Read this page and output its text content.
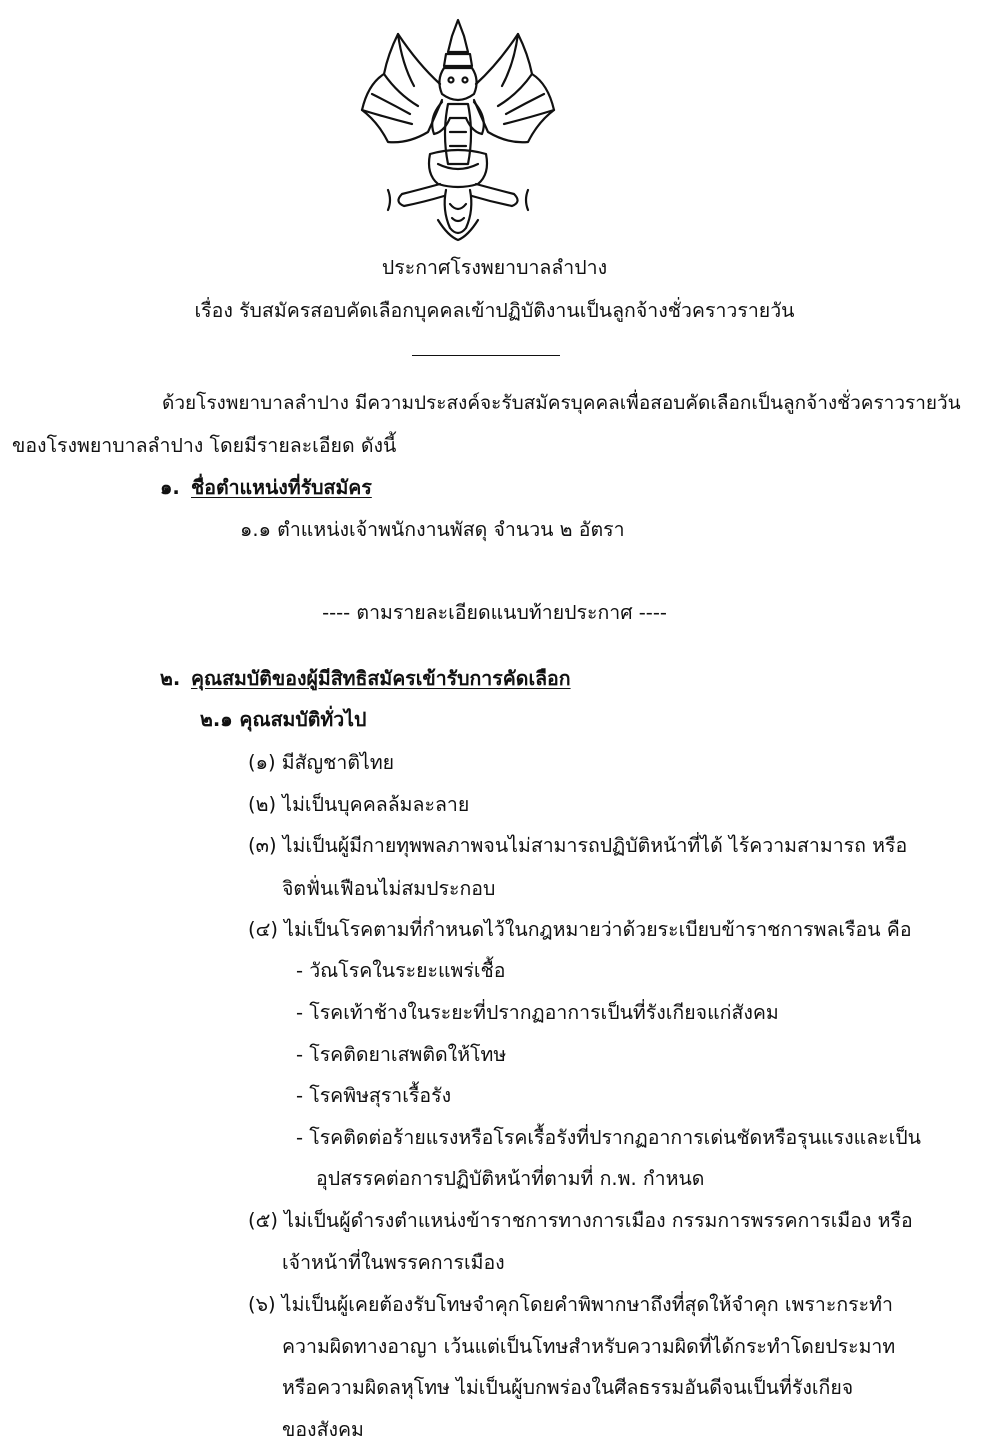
ประกาศโรงพยาบาลลำปาง
เรื่อง รับสมัครสอบคัดเลือกบุคคลเข้าปฏิบัติงานเป็นลูกจ้างชั่วคราวรายวัน
ด้วยโรงพยาบาลลำปาง มีความประสงค์จะรับสมัครบุคคลเพื่อสอบคัดเลือกเป็นลูกจ้างชั่วคราวรายวัน
ของโรงพยาบาลลำปาง โดยมีรายละเอียด ดังนี้
๑. ชื่อตำแหน่งที่รับสมัคร
๑.๑ ตำแหน่งเจ้าพนักงานพัสดุ จำนวน ๒ อัตรา
---- ตามรายละเอียดแนบท้ายประกาศ ----
๒. คุณสมบัติของผู้มีสิทธิสมัครเข้ารับการคัดเลือก
๒.๑ คุณสมบัติทั่วไป
(๑) มีสัญชาติไทย
(๒) ไม่เป็นบุคคลล้มละลาย
(๓) ไม่เป็นผู้มีกายทุพพลภาพจนไม่สามารถปฏิบัติหน้าที่ได้ ไร้ความสามารถ หรือ
จิตฟั่นเฟือนไม่สมประกอบ
(๔) ไม่เป็นโรคตามที่กำหนดไว้ในกฎหมายว่าด้วยระเบียบข้าราชการพลเรือน คือ
- วัณโรคในระยะแพร่เชื้อ
- โรคเท้าช้างในระยะที่ปรากฏอาการเป็นที่รังเกียจแก่สังคม
- โรคติดยาเสพติดให้โทษ
- โรคพิษสุราเรื้อรัง
- โรคติดต่อร้ายแรงหรือโรคเรื้อรังที่ปรากฏอาการเด่นชัดหรือรุนแรงและเป็น
อุปสรรคต่อการปฏิบัติหน้าที่ตามที่ ก.พ. กำหนด
(๕) ไม่เป็นผู้ดำรงตำแหน่งข้าราชการทางการเมือง กรรมการพรรคการเมือง หรือ
เจ้าหน้าที่ในพรรคการเมือง
(๖) ไม่เป็นผู้เคยต้องรับโทษจำคุกโดยคำพิพากษาถึงที่สุดให้จำคุก เพราะกระทำ
ความผิดทางอาญา เว้นแต่เป็นโทษสำหรับความผิดที่ได้กระทำโดยประมาท
หรือความผิดลหุโทษ ไม่เป็นผู้บกพร่องในศีลธรรมอันดีจนเป็นที่รังเกียจ
ของสังคม
